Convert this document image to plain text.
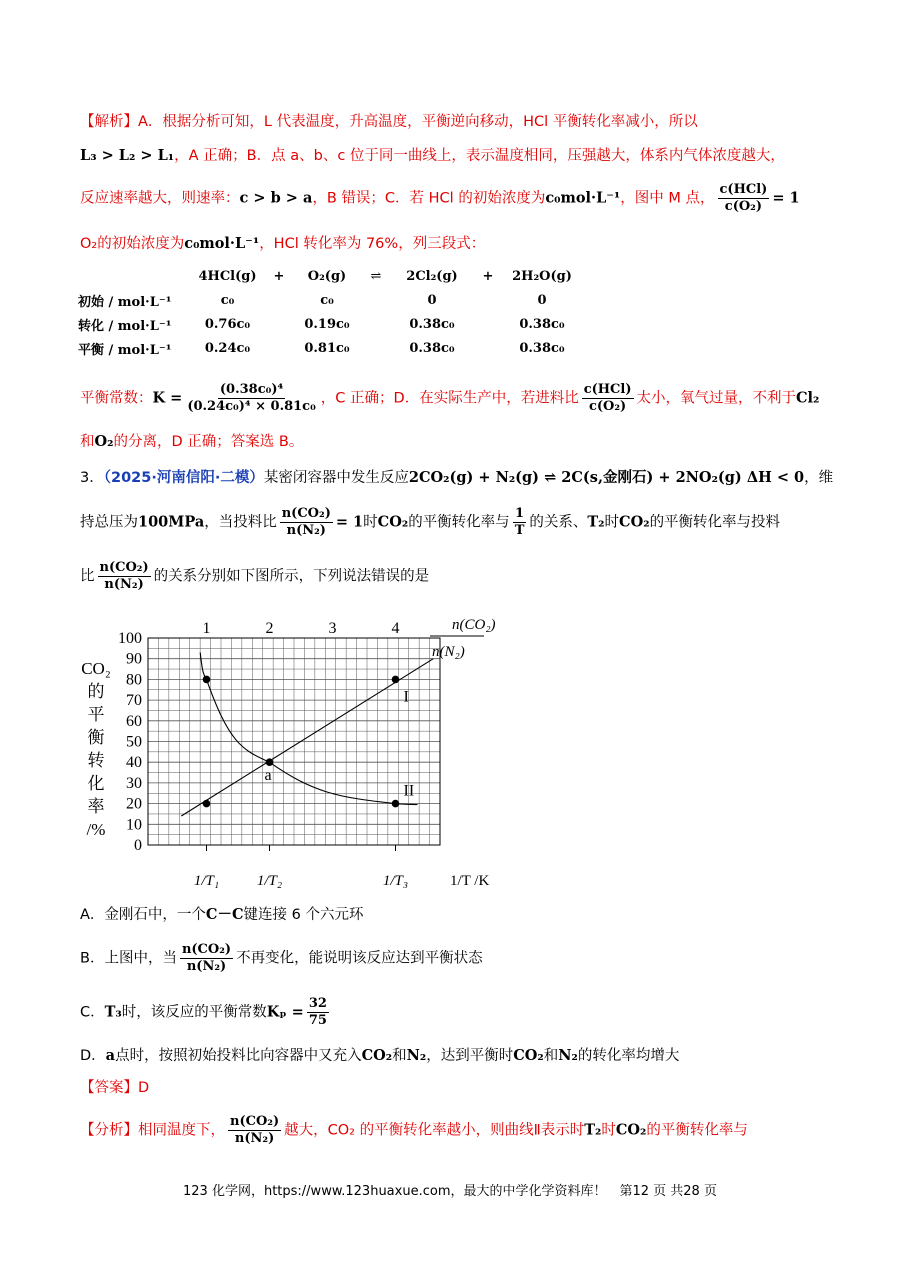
【解析】A．根据分析可知，L 代表温度，升高温度，平衡逆向移动，HCl 平衡转化率减小，所以
L₃ > L₂ > L₁，A 正确；B．点 a、b、c 位于同一曲线上，表示温度相同，压强越大，体系内气体浓度越大，
反应速率越大，则速率：c > b > a，B 错误；C．若 HCl 的初始浓度为c₀mol·L⁻¹，图中 M 点， $\frac{\text{c(HCl)}}{\text{c(O₂)}} = 1$
O₂的初始浓度为c₀mol·L⁻¹，HCl 转化率为 76%，列三段式：
	4HCl(g)	+	O₂(g)	⇌	2Cl₂(g)	+	2H₂O(g)
初始 / mol·L⁻¹	c₀		c₀		0		0
转化 / mol·L⁻¹	0.76c₀		0.19c₀		0.38c₀		0.38c₀
平衡 / mol·L⁻¹	0.24c₀		0.81c₀		0.38c₀		0.38c₀
平衡常数：$K = \frac{\text{(0.38c₀)⁴}}{\text{(0.24c₀)⁴ × 0.81c₀}}$ ，C 正确；D．在实际生产中，若进料比 $\frac{\text{c(HCl)}}{\text{c(O₂)}}$ 太小，氧气过量，不利于Cl₂
和O₂的分离，D 正确；答案选 B。
3．（2025·河南信阳·二模）某密闭容器中发生反应2CO₂(g) + N₂(g) ⇌ 2C(s,金刚石) + 2NO₂(g) ΔH < 0，维
持总压为100MPa，当投料比 $\frac{\text{n(CO₂)}}{\text{n(N₂)}} = 1$时CO₂的平衡转化率与 $\frac{1}{T}$ 的关系、T₂时CO₂的平衡转化率与投料
比 $\frac{\text{n(CO₂)}}{\text{n(N₂)}}$ 的关系分别如下图所示，下列说法错误的是
0
10
20
30
40
50
60
70
80
90
100
1	2	3	4
1/T₁	1/T₂	1/T₃	1/T /K
I
II
a
CO₂
的
平
衡
转
化
率
/%
n(CO₂)
n(N₂)
A．金刚石中，一个C－C键连接 6 个六元环
B．上图中，当 $\frac{\text{n(CO₂)}}{\text{n(N₂)}}$ 不再变化，能说明该反应达到平衡状态
C．T₃时，该反应的平衡常数$K_p = \frac{32}{75}$
D．a点时，按照初始投料比向容器中又充入CO₂和N₂，达到平衡时CO₂和N₂的转化率均增大
【答案】D
【分析】相同温度下， $\frac{\text{n(CO₂)}}{\text{n(N₂)}}$ 越大，CO₂ 的平衡转化率越小，则曲线Ⅱ表示时T₂时CO₂的平衡转化率与
123 化学网，https://www.123huaxue.com，最大的中学化学资料库！　第12 页 共28 页
